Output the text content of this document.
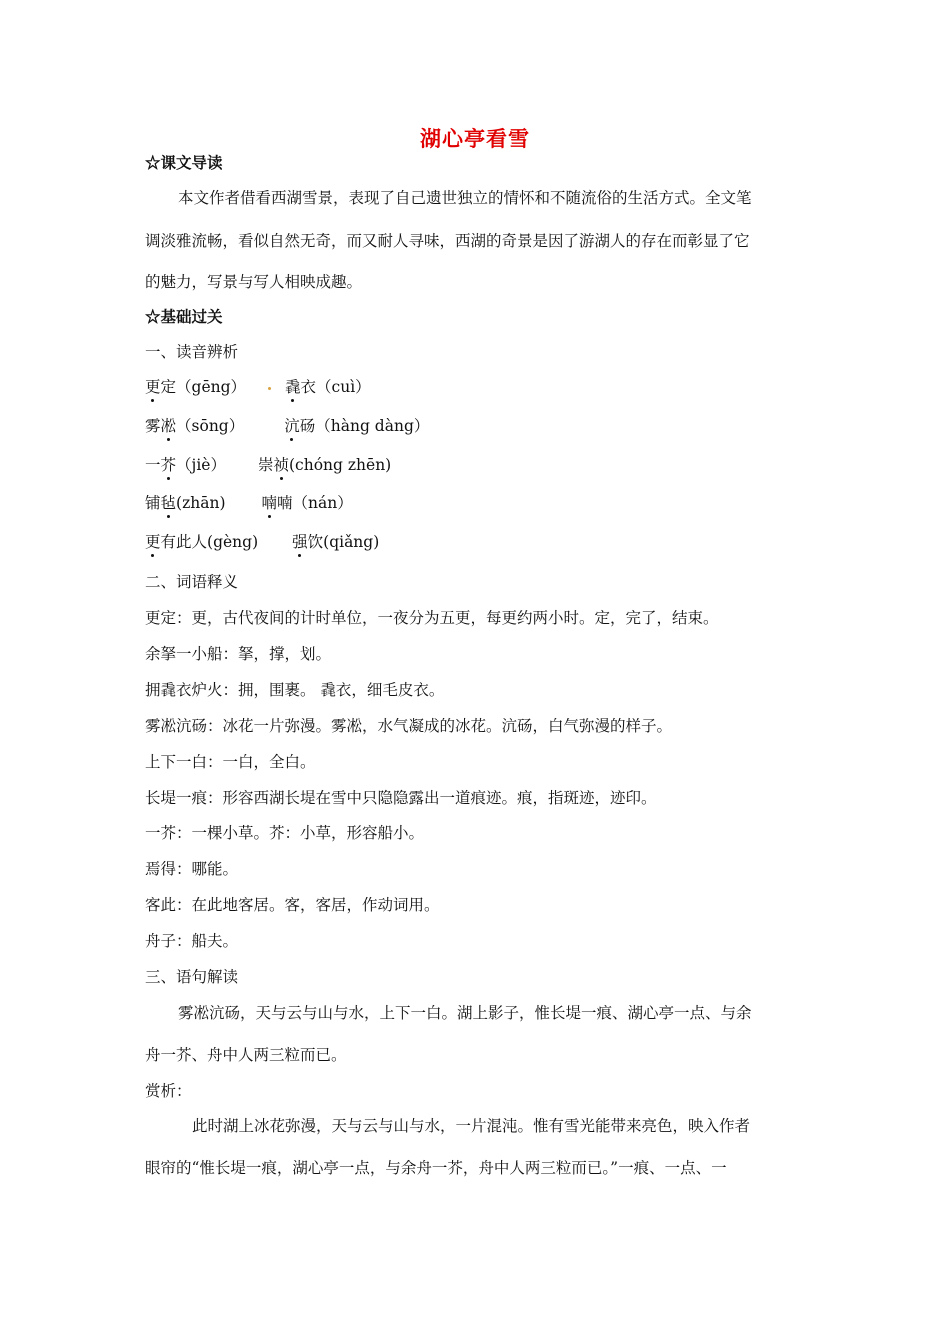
湖心亭看雪
☆课文导读
本文作者借看西湖雪景，表现了自己遗世独立的情怀和不随流俗的生活方式。全文笔
调淡雅流畅，看似自然无奇，而又耐人寻味，西湖的奇景是因了游湖人的存在而彰显了它
的魅力，写景与写人相映成趣。
☆基础过关
一、读音辨析
更定（gēng）	毳衣（cuì）
雾凇（sōng）	沆砀（hàng dàng）
一芥（jiè） 崇祯(chóng zhēn)
铺毡(zhān) 喃喃（nán）
更有此人(gèng) 强饮(qiǎng)
二、词语释义
更定：更，古代夜间的计时单位，一夜分为五更，每更约两小时。定，完了，结束。
余拏一小船：拏，撑，划。
拥毳衣炉火：拥，围裹。 毳衣，细毛皮衣。
雾凇沆砀：冰花一片弥漫。雾凇，水气凝成的冰花。沆砀，白气弥漫的样子。
上下一白：一白，全白。
长堤一痕：形容西湖长堤在雪中只隐隐露出一道痕迹。痕，指斑迹，迹印。
一芥：一棵小草。芥：小草，形容船小。
焉得：哪能。
客此：在此地客居。客，客居，作动词用。
舟子：船夫。
三、语句解读
雾凇沆砀，天与云与山与水，上下一白。湖上影子，惟长堤一痕、湖心亭一点、与余
舟一芥、舟中人两三粒而已。
赏析：
此时湖上冰花弥漫，天与云与山与水，一片混沌。惟有雪光能带来亮色，映入作者
眼帘的“惟长堤一痕，湖心亭一点，与余舟一芥，舟中人两三粒而已。”一痕、一点、一
